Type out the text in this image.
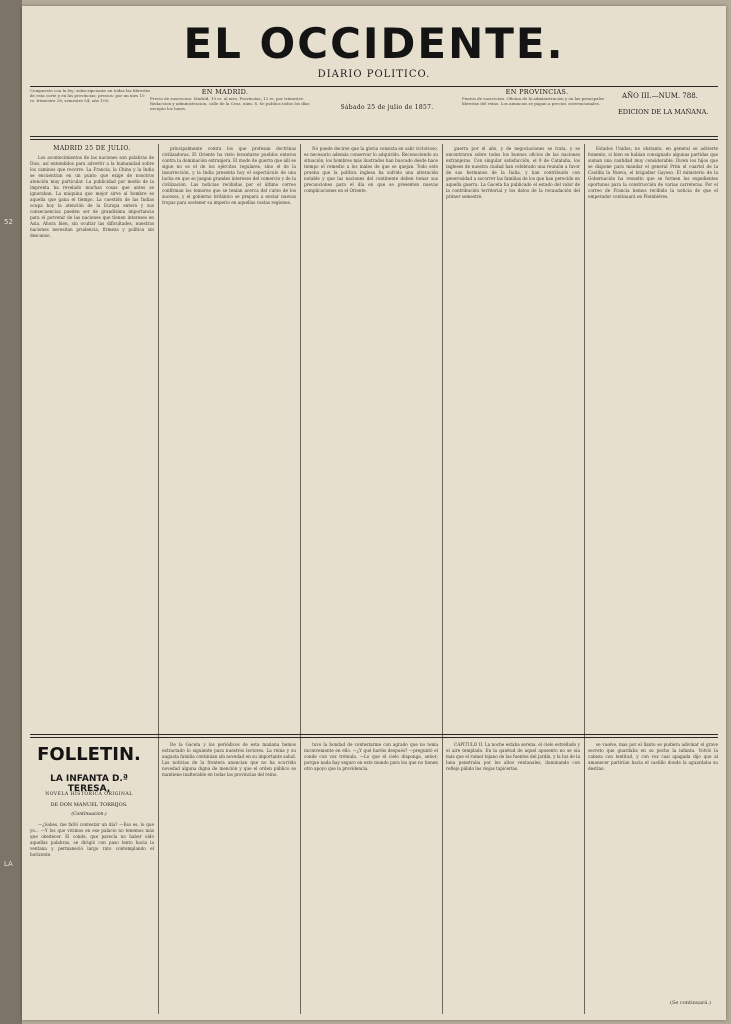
52
LA
EL OCCIDENTE.
DIARIO POLITICO.
Compuesto con la ley; subscripciones en todas las librerías de esta corte y en las provincias; precios: por un mes 10 rs. trimestre 28; semestre 54; año 100.
EN MADRID.
Precio de suscricion: Madrid, 10 rs. al mes. Provincias, 12 rs. por trimestre. Redaccion y administracion, calle de la Cruz, núm. 8. Se publica todos los días excepto los lunes.	Sábado 25 de julio de 1857.
EN PROVINCIAS.
Puntos de suscricion. Oficina de la administracion y en las principales librerías del reino. Los anuncios se pagan a precios convencionales.
AÑO III.—NUM. 788.
EDICION DE LA MAÑANA.
MADRID 25 DE JULIO.

Los acontecimientos de las naciones son palabras de Dios, así entendidos para advertir a la humanidad sobre los caminos que recorre. La Francia, la China y la India se encuentran en un punto que exige de nosotros atención muy particular. La publicidad por medio de la imprenta ha revelado muchas cosas que antes se ignoraban. La máquina que mejor sirve al hombre es aquella que gana el tiempo. La cuestión de las Indias ocupa hoy la atención de la Europa entera y sus consecuencias pueden ser de grandísima importancia para el porvenir de las naciones que tienen intereses en Asia. Ahora bien, sin ocultar las dificultades, nuestras naciones necesitan prudencia, firmeza y política sin descanso.

principalmente contra los que profesan doctrinas civilizadoras. El Oriente ha visto levantarse pueblos enteros contra la dominación extranjera. El modo de guerra que allí se sigue no es el de los ejércitos regulares, sino el de la insurrección, y la India presenta hoy el espectáculo de una lucha en que se juegan grandes intereses del comercio y de la civilización. Las noticias recibidas por el último correo confirman los temores que se tenían acerca del curso de los sucesos, y el gobierno británico se prepara a enviar nuevas tropas para sostener su imperio en aquellas vastas regiones.

No puede decirse que la gloria consista en salir victorioso, es necesario además conservar lo adquirido. Reconociendo su situación, los hombres más ilustrados han buscado desde hace tiempo el remedio a los males de que se quejan. Todo esto prueba que la política inglesa ha sufrido una alteración notable y que las naciones del continente deben tomar sus precauciones para el día en que se presenten nuevas complicaciones en el Oriente.

guerra por el año, y de negociaciones se trata, y se encontraron sobre todos los buenos oficios de las naciones extranjeras. Con singular satisfacción, el 9 de Cataluña, los ingleses de nuestra ciudad han celebrado una reunión a favor de sus hermanos de la India, y han contribuido con generosidad a socorrer las familias de los que han perecido en aquella guerra. La Gaceta ha publicado el estado del valor de la contribución territorial y los datos de la recaudación del primer semestre.

Estados Unidos; no obstante, en general se advierte fomento, si bien se habían consignado algunas partidas que suman una cantidad muy considerable. Dicen los hijos que se dispone para mandar el general Prim el cuartel de la Castilla la Nueva, el brigadier Gayoso. El ministerio de la Gobernación ha resuelto que se formen los expedientes oportunos para la construcción de varias carreteras. Por el correo de Francia hemos recibido la noticia de que el emperador continuará en Plombières.

FOLLETIN.
LA INFANTA D.ª TERESA,
NOVELA HISTÓRICA ORIGINAL
DE DON MANUEL TORRIJOS.
(Continuacion.)

—¿Sabes, me faltó contestar un día? —Eso es, lo que yo... —Y los que vivimos en ese palacio no tenemos más que obedecer. El conde, que parecía no haber oído aquellas palabras, se dirigió con paso lento hacia la ventana y permaneció largo rato contemplando el horizonte.

De la Gaceta y los periódicos de esta mañana hemos extractado lo siguiente para nuestros lectores. La reina y su augusta familia continúan sin novedad en su importante salud. Las noticias de la frontera anuncian que no ha ocurrido novedad alguna digna de mención y que el orden público se mantiene inalterable en todas las provincias del reino.

tuvo la bondad de contestarme con agrado que no tenía inconveniente en ello. —¿Y qué haréis después? —preguntó el conde con voz trémula. —Lo que el cielo disponga, señor; porque nada hay seguro en este mundo para los que no tienen otro apoyo que la providencia.

CAPITULO II. La noche estaba serena, el cielo estrellado y el aire templado. En la quietud de aquel aposento no se oía más que el rumor lejano de las fuentes del jardín, y la luz de la luna penetraba por los altos ventanales, iluminando con reflejo pálido las viejas tapicerías.

se vuelve, mas por el llanto se pudiera adivinar el grave secreto que guardaba en su pecho la infanta. Volvió la cabeza con lentitud, y con voz casi apagada dijo que al amanecer partirían hacia el castillo donde la aguardaba su destino.

(Se continuará.)
